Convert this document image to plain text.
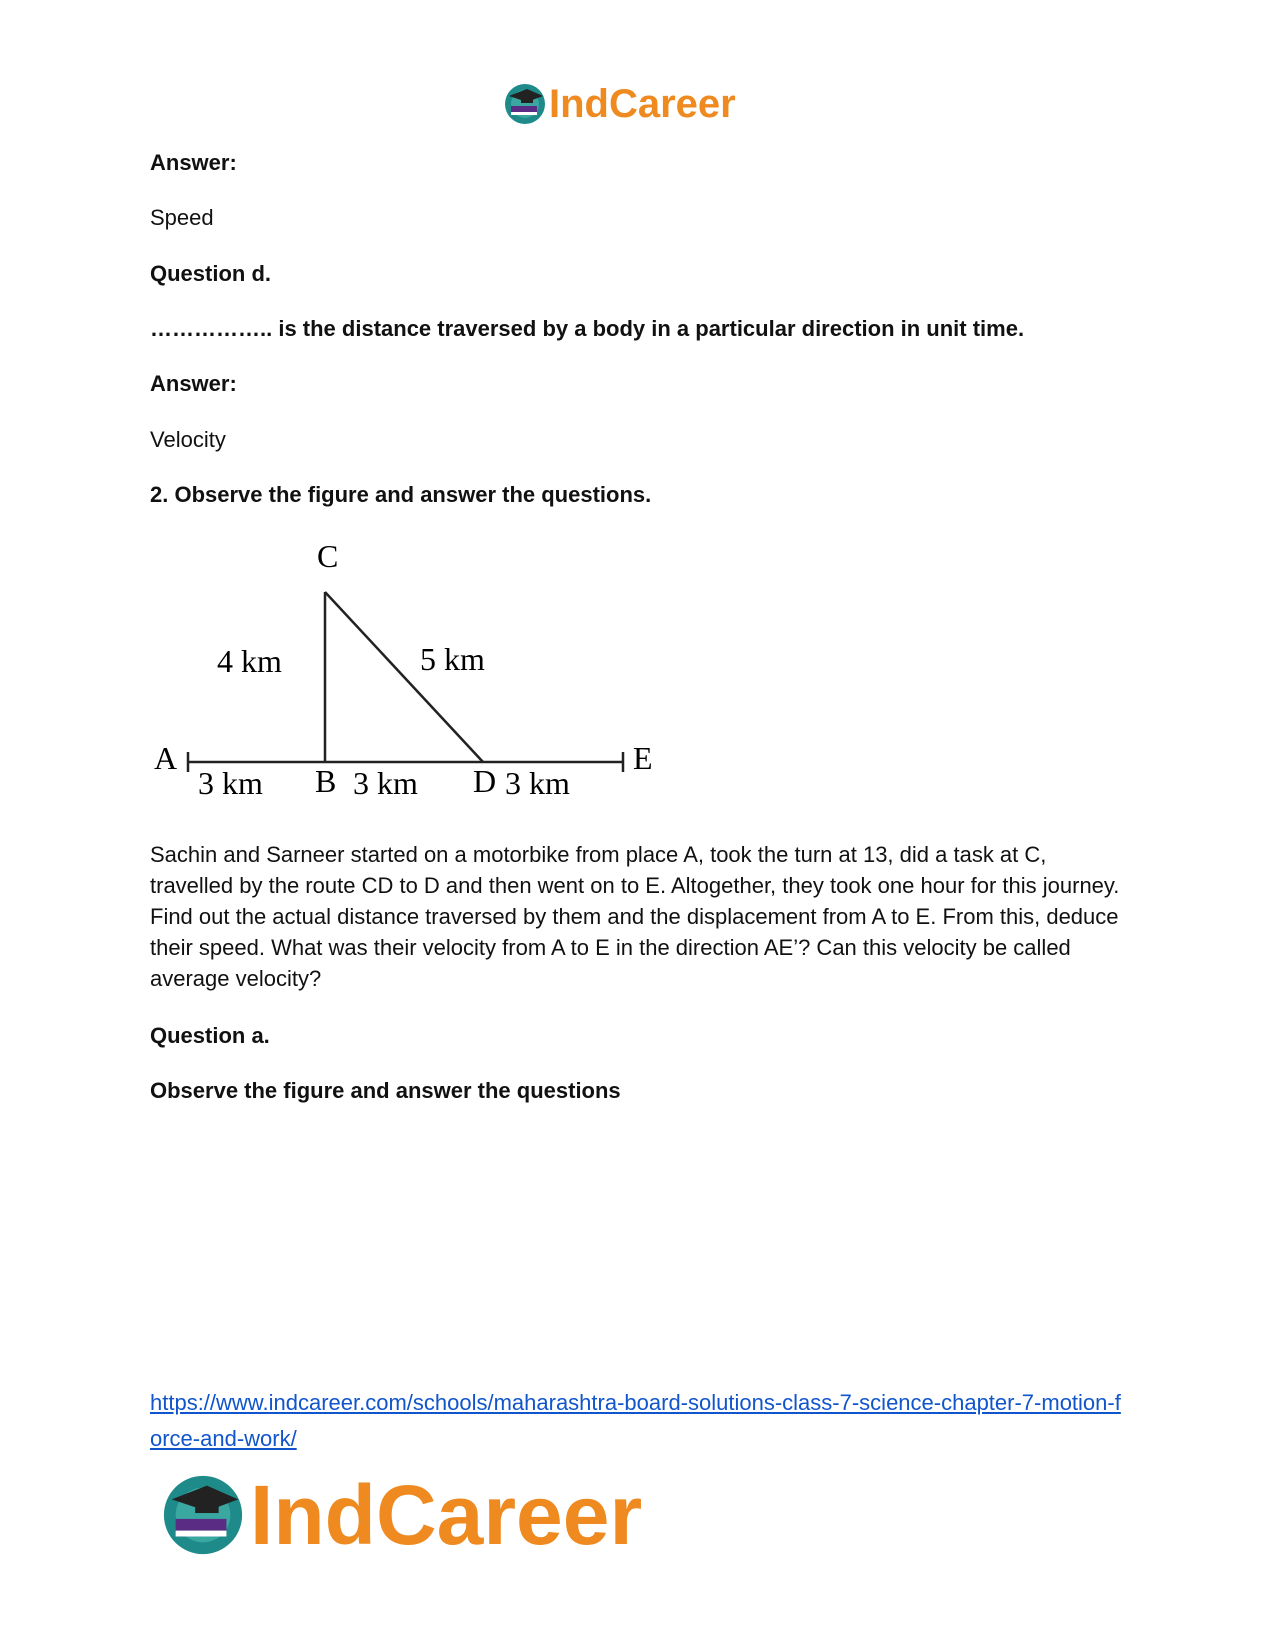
IndCareer
Answer:
Speed
Question d.
…………….. is the distance traversed by a body in a particular direction in unit time.
Answer:
Velocity
2. Observe the figure and answer the questions.
C
4 km	5 km
A	E
3 km B 3 km D 3 km
Sachin and Sarneer started on a motorbike from place A, took the turn at 13, did a task at C, travelled by the route CD to D and then went on to E. Altogether, they took one hour for this journey. Find out the actual distance traversed by them and the displacement from A to E. From this, deduce their speed. What was their velocity from A to E in the direction AE’? Can this velocity be called average velocity?
Question a.
Observe the figure and answer the questions
https://www.indcareer.com/schools/maharashtra-board-solutions-class-7-science-chapter-7-motion-force-and-work/
IndCareer
